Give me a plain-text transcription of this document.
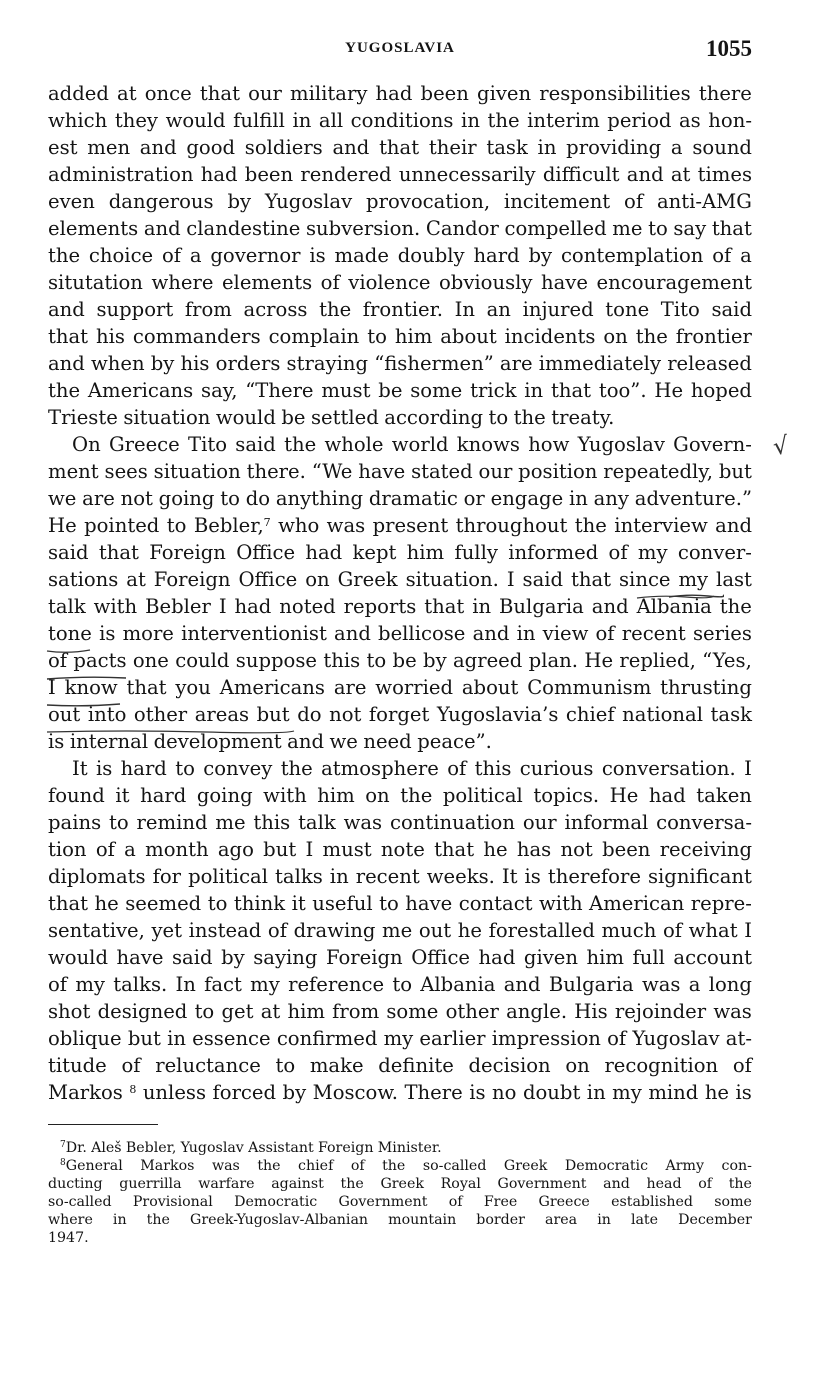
YUGOSLAVIA	1055
added at once that our military had been given responsibilities there
which they would fulfill in all conditions in the interim period as hon-
est men and good soldiers and that their task in providing a sound
administration had been rendered unnecessarily difficult and at times
even dangerous by Yugoslav provocation, incitement of anti-AMG
elements and clandestine subversion. Candor compelled me to say that
the choice of a governor is made doubly hard by contemplation of a
situtation where elements of violence obviously have encouragement
and support from across the frontier. In an injured tone Tito said
that his commanders complain to him about incidents on the frontier
and when by his orders straying “fishermen” are immediately released
the Americans say, “There must be some trick in that too”. He hoped
Trieste situation would be settled according to the treaty.
On Greece Tito said the whole world knows how Yugoslav Govern-
ment sees situation there. “We have stated our position repeatedly, but
we are not going to do anything dramatic or engage in any adventure.”
He pointed to Bebler,$^7$ who was present throughout the interview and
said that Foreign Office had kept him fully informed of my conver-
sations at Foreign Office on Greek situation. I said that since my last
talk with Bebler I had noted reports that in Bulgaria and Albania the
tone is more interventionist and bellicose and in view of recent series
of pacts one could suppose this to be by agreed plan. He replied, “Yes,
I know that you Americans are worried about Communism thrusting
out into other areas but do not forget Yugoslavia’s chief national task
is internal development and we need peace”.
It is hard to convey the atmosphere of this curious conversation. I
found it hard going with him on the political topics. He had taken
pains to remind me this talk was continuation our informal conversa-
tion of a month ago but I must note that he has not been receiving
diplomats for political talks in recent weeks. It is therefore significant
that he seemed to think it useful to have contact with American repre-
sentative, yet instead of drawing me out he forestalled much of what I
would have said by saying Foreign Office had given him full account
of my talks. In fact my reference to Albania and Bulgaria was a long
shot designed to get at him from some other angle. His rejoinder was
oblique but in essence confirmed my earlier impression of Yugoslav at-
titude of reluctance to make definite decision on recognition of
Markos $^8$ unless forced by Moscow. There is no doubt in my mind he is
√
$^7$Dr. Aleš Bebler, Yugoslav Assistant Foreign Minister.
$^8$General Markos was the chief of the so-called Greek Democratic Army con-
ducting guerrilla warfare against the Greek Royal Government and head of the
so-called Provisional Democratic Government of Free Greece established some
where in the Greek-Yugoslav-Albanian mountain border area in late December
1947.
